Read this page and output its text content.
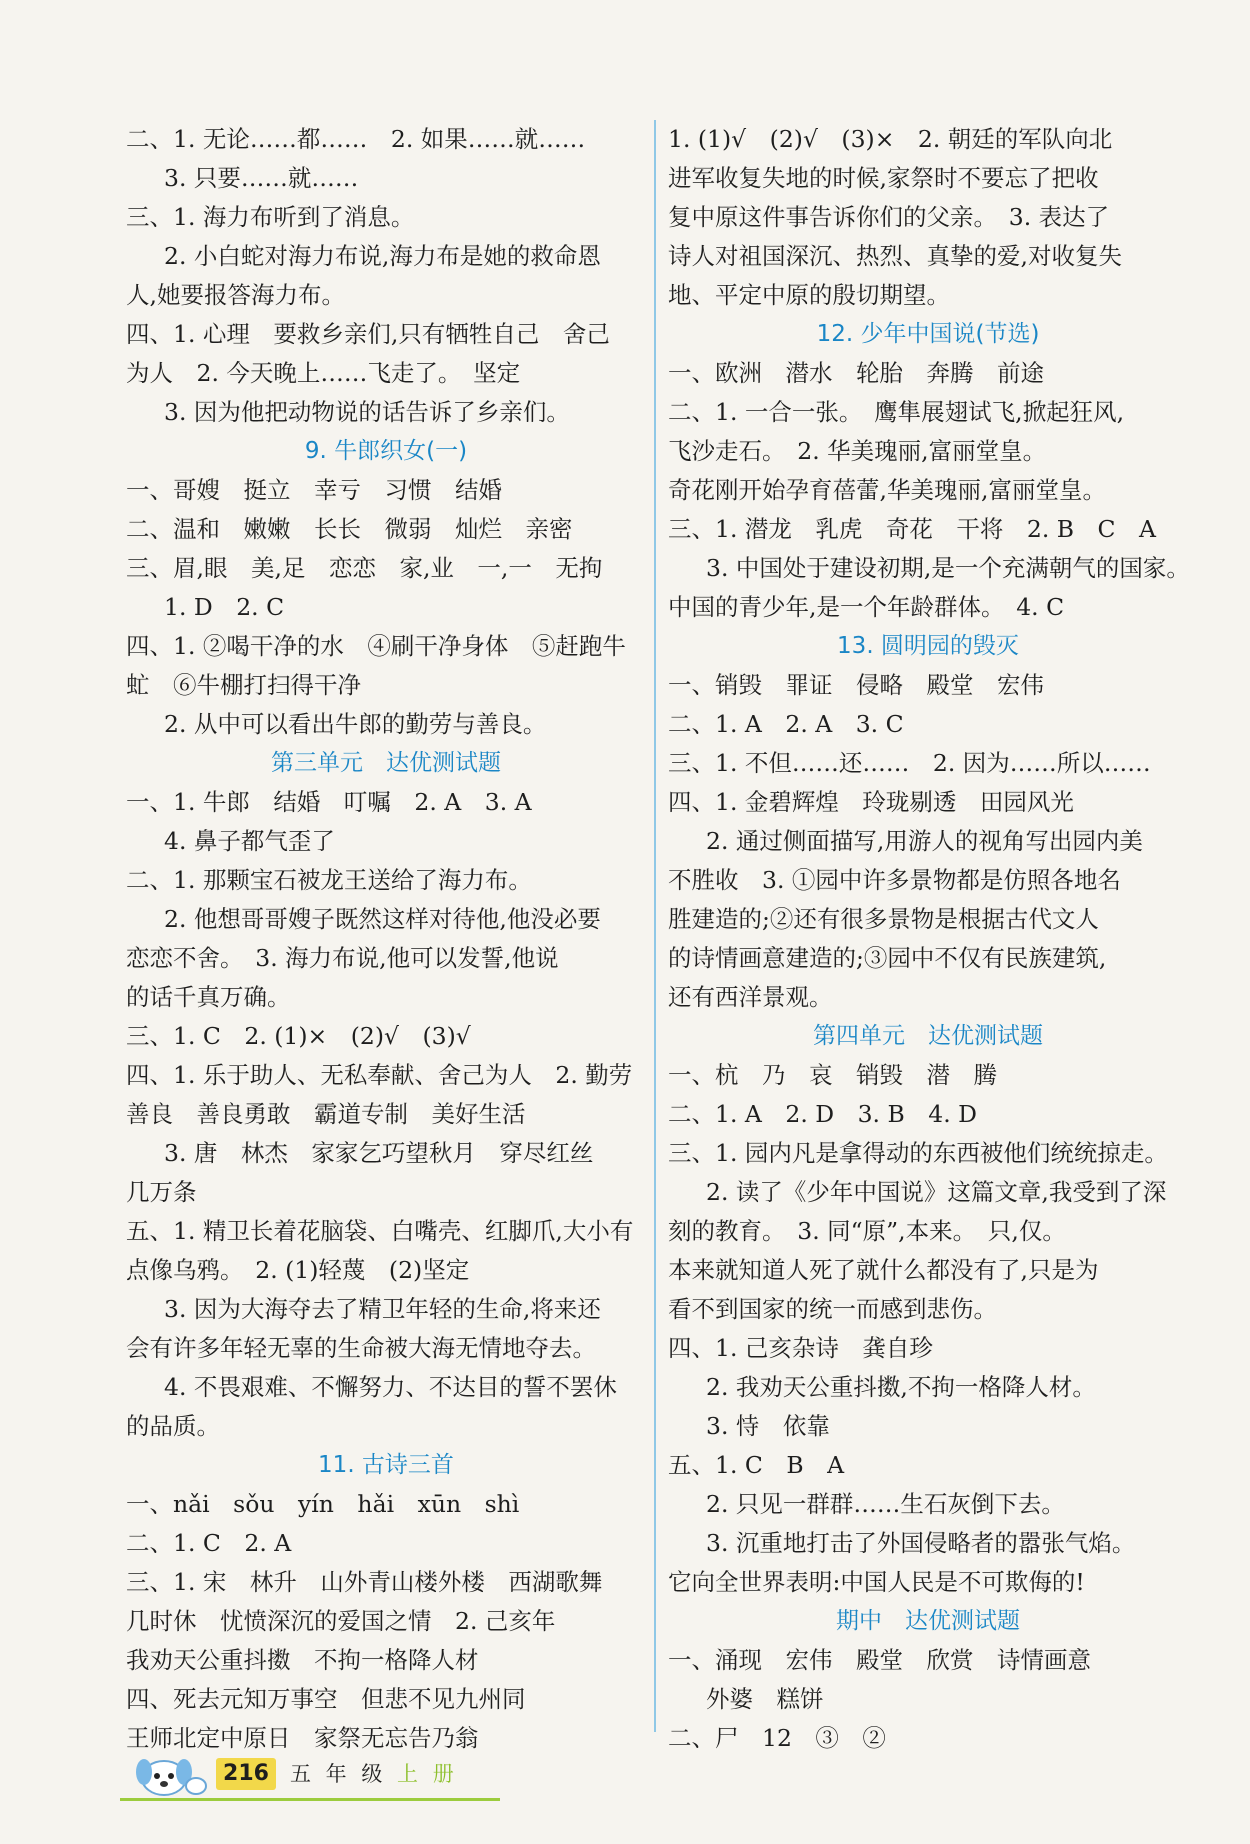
二、1. 无论……都……　2. 如果……就……
3. 只要……就……
三、1. 海力布听到了消息。
2. 小白蛇对海力布说,海力布是她的救命恩
人,她要报答海力布。
四、1. 心理　要救乡亲们,只有牺牲自己　舍己
为人　2. 今天晚上……飞走了。　坚定
3. 因为他把动物说的话告诉了乡亲们。
9. 牛郎织女(一)
一、哥嫂　挺立　幸亏　习惯　结婚
二、温和　嫩嫩　长长　微弱　灿烂　亲密
三、眉,眼　美,足　恋恋　家,业　一,一　无拘
1. D　2. C
四、1. ②喝干净的水　④刷干净身体　⑤赶跑牛
虻　⑥牛棚打扫得干净
2. 从中可以看出牛郎的勤劳与善良。
第三单元　达优测试题
一、1. 牛郎　结婚　叮嘱　2. A　3. A
4. 鼻子都气歪了
二、1. 那颗宝石被龙王送给了海力布。
2. 他想哥哥嫂子既然这样对待他,他没必要
恋恋不舍。　3. 海力布说,他可以发誓,他说
的话千真万确。
三、1. C　2. (1)×　(2)√　(3)√
四、1. 乐于助人、无私奉献、舍己为人　2. 勤劳
善良　善良勇敢　霸道专制　美好生活
3. 唐　林杰　家家乞巧望秋月　穿尽红丝
几万条
五、1. 精卫长着花脑袋、白嘴壳、红脚爪,大小有
点像乌鸦。　2. (1)轻蔑　(2)坚定
3. 因为大海夺去了精卫年轻的生命,将来还
会有许多年轻无辜的生命被大海无情地夺去。
4. 不畏艰难、不懈努力、不达目的誓不罢休
的品质。
11. 古诗三首
一、nǎi　sǒu　yín　hǎi　xūn　shì
二、1. C　2. A
三、1. 宋　林升　山外青山楼外楼　西湖歌舞
几时休　忧愤深沉的爱国之情　2. 己亥年
我劝天公重抖擞　不拘一格降人材
四、死去元知万事空　但悲不见九州同
王师北定中原日　家祭无忘告乃翁
1. (1)√　(2)√　(3)×　2. 朝廷的军队向北
进军收复失地的时候,家祭时不要忘了把收
复中原这件事告诉你们的父亲。　3. 表达了
诗人对祖国深沉、热烈、真挚的爱,对收复失
地、平定中原的殷切期望。
12. 少年中国说(节选)
一、欧洲　潜水　轮胎　奔腾　前途
二、1. 一合一张。　鹰隼展翅试飞,掀起狂风,
飞沙走石。　2. 华美瑰丽,富丽堂皇。
奇花刚开始孕育蓓蕾,华美瑰丽,富丽堂皇。
三、1. 潜龙　乳虎　奇花　干将　2. B　C　A
3. 中国处于建设初期,是一个充满朝气的国家。
中国的青少年,是一个年龄群体。　4. C
13. 圆明园的毁灭
一、销毁　罪证　侵略　殿堂　宏伟
二、1. A　2. A　3. C
三、1. 不但……还……　2. 因为……所以……
四、1. 金碧辉煌　玲珑剔透　田园风光
2. 通过侧面描写,用游人的视角写出园内美
不胜收　3. ①园中许多景物都是仿照各地名
胜建造的;②还有很多景物是根据古代文人
的诗情画意建造的;③园中不仅有民族建筑,
还有西洋景观。
第四单元　达优测试题
一、杭　乃　哀　销毁　潜　腾
二、1. A　2. D　3. B　4. D
三、1. 园内凡是拿得动的东西被他们统统掠走。
2. 读了《少年中国说》这篇文章,我受到了深
刻的教育。　3. 同“原”,本来。　只,仅。
本来就知道人死了就什么都没有了,只是为
看不到国家的统一而感到悲伤。
四、1. 己亥杂诗　龚自珍
2. 我劝天公重抖擞,不拘一格降人材。
3. 恃　依靠
五、1. C　B　A
2. 只见一群群……生石灰倒下去。
3. 沉重地打击了外国侵略者的嚣张气焰。
它向全世界表明:中国人民是不可欺侮的!
期中　达优测试题
一、涌现　宏伟　殿堂　欣赏　诗情画意
外婆　糕饼
二、尸　12　③　②
216	五 年 级 上 册
